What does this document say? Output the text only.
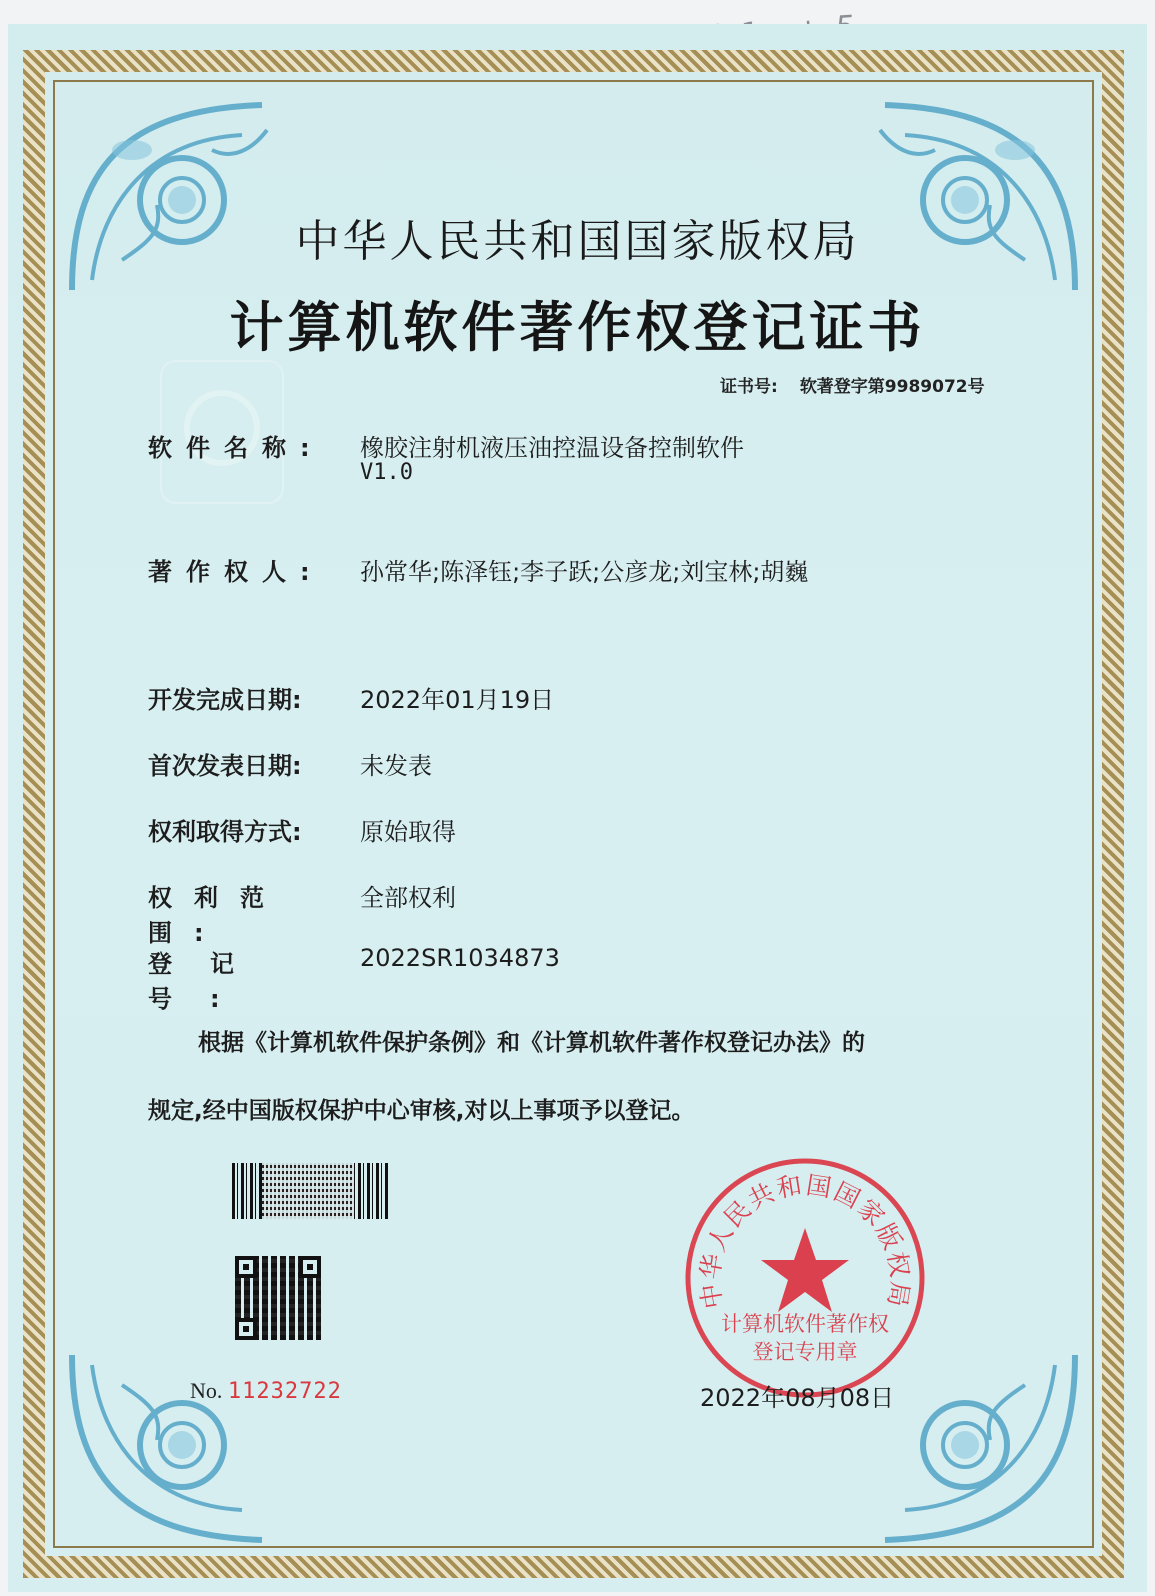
中华人民共和国国家版权局
计算机软件著作权登记证书
证书号: 软著登字第9989072号
软件名称: 橡胶注射机液压油控温设备控制软件
V1.0
著作权人: 孙常华;陈泽钰;李子跃;公彦龙;刘宝林;胡巍
开发完成日期:	2022年01月19日
首次发表日期:	未发表
权利取得方式:	原始取得
权利范围:
全部权利
登记号:
2022SR1034873
根据《计算机软件保护条例》和《计算机软件著作权登记办法》的
规定,经中国版权保护中心审核,对以上事项予以登记。
No. 11232722
中华人民共和国国家版权局
计算机软件著作权
登记专用章
2022年08月08日
